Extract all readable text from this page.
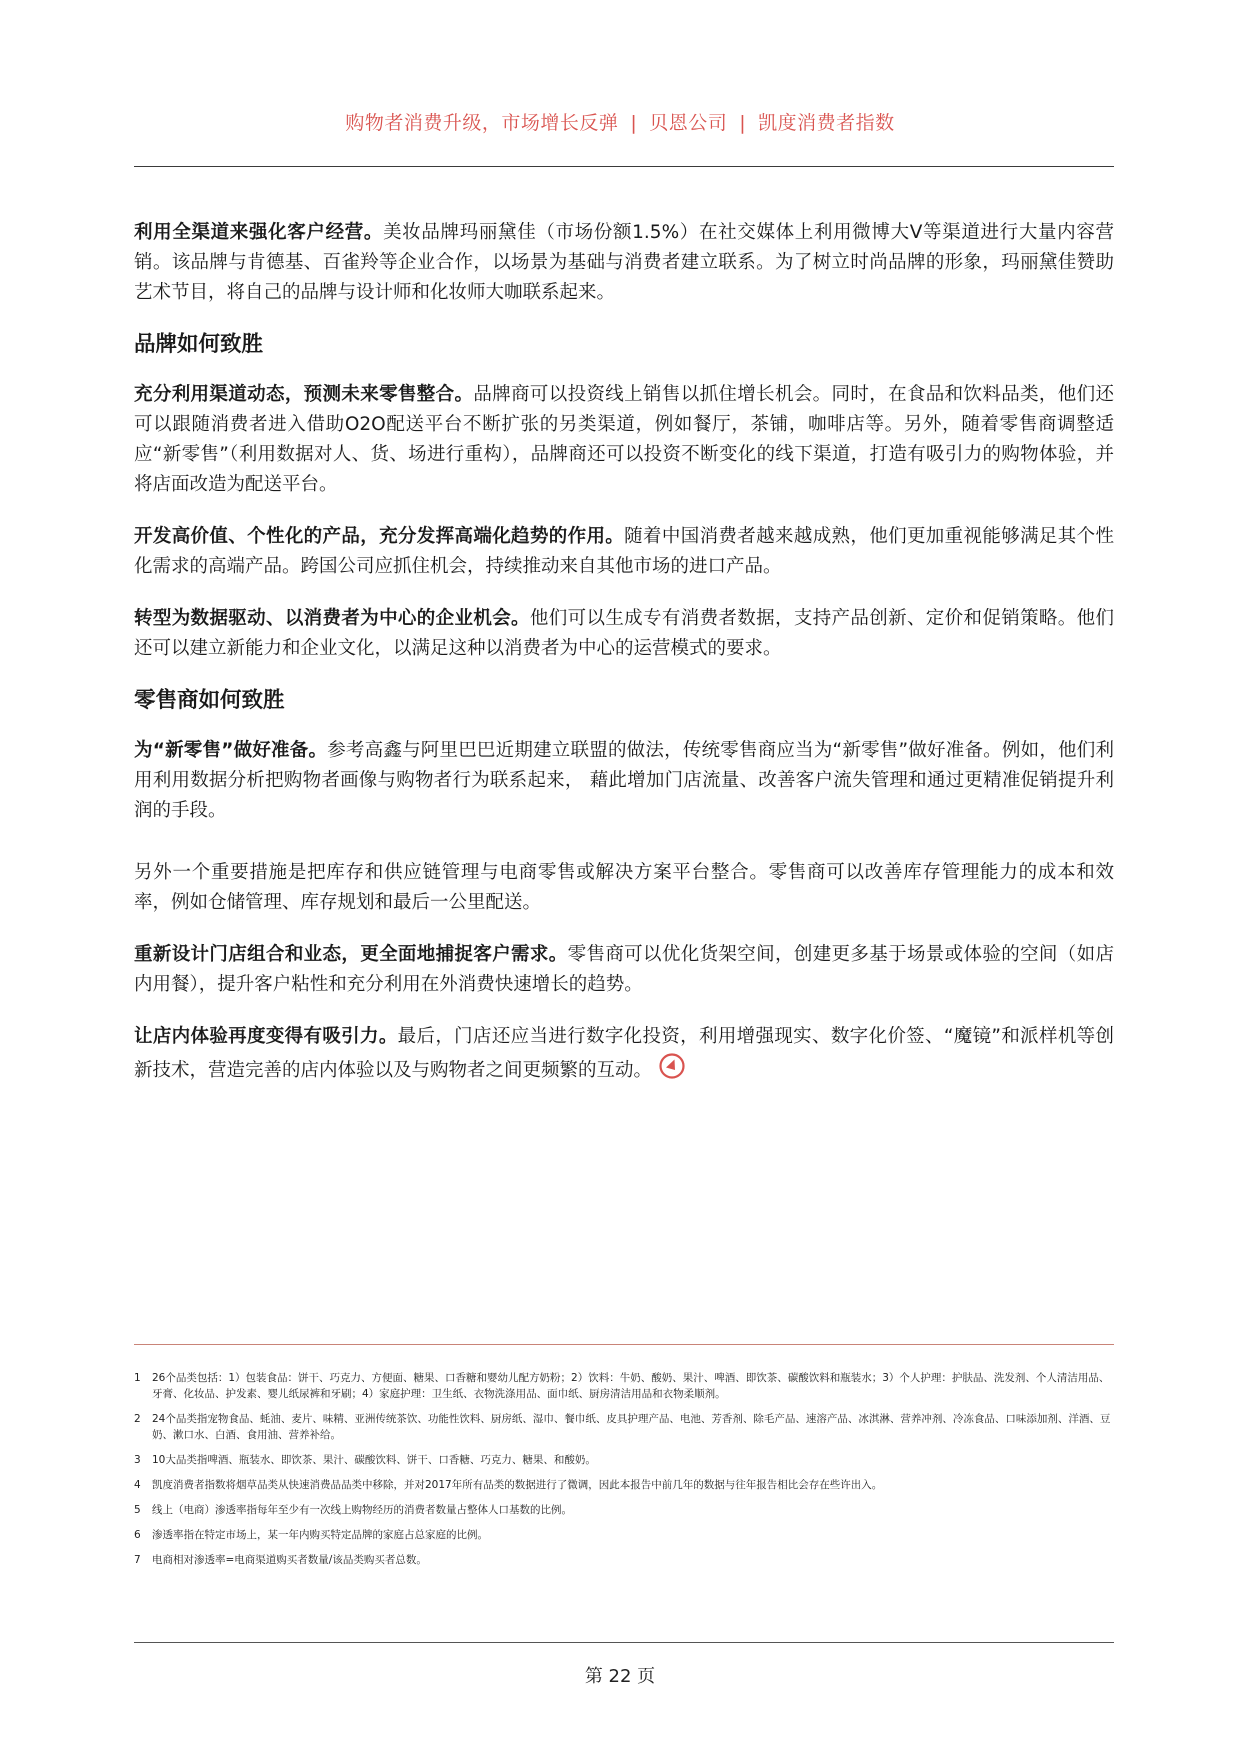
购物者消费升级，市场增长反弹 | 贝恩公司 | 凯度消费者指数

利用全渠道来强化客户经营。美妆品牌玛丽黛佳（市场份额1.5%）在社交媒体上利用微博大V等渠道进行大量内容营销。该品牌与肯德基、百雀羚等企业合作，以场景为基础与消费者建立联系。为了树立时尚品牌的形象，玛丽黛佳赞助艺术节目，将自己的品牌与设计师和化妆师大咖联系起来。

品牌如何致胜

充分利用渠道动态，预测未来零售整合。品牌商可以投资线上销售以抓住增长机会。同时，在食品和饮料品类，他们还可以跟随消费者进入借助O2O配送平台不断扩张的另类渠道，例如餐厅，茶铺，咖啡店等。另外，随着零售商调整适应“新零售”（利用数据对人、货、场进行重构），品牌商还可以投资不断变化的线下渠道，打造有吸引力的购物体验，并将店面改造为配送平台。

开发高价值、个性化的产品，充分发挥高端化趋势的作用。随着中国消费者越来越成熟，他们更加重视能够满足其个性化需求的高端产品。跨国公司应抓住机会，持续推动来自其他市场的进口产品。

转型为数据驱动、以消费者为中心的企业机会。他们可以生成专有消费者数据，支持产品创新、定价和促销策略。他们还可以建立新能力和企业文化，以满足这种以消费者为中心的运营模式的要求。

零售商如何致胜

为“新零售”做好准备。参考高鑫与阿里巴巴近期建立联盟的做法，传统零售商应当为“新零售”做好准备。例如，他们利用利用数据分析把购物者画像与购物者行为联系起来， 藉此增加门店流量、改善客户流失管理和通过更精准促销提升利润的手段。

另外一个重要措施是把库存和供应链管理与电商零售或解决方案平台整合。零售商可以改善库存管理能力的成本和效率，例如仓储管理、库存规划和最后一公里配送。

重新设计门店组合和业态，更全面地捕捉客户需求。零售商可以优化货架空间，创建更多基于场景或体验的空间（如店内用餐），提升客户粘性和充分利用在外消费快速增长的趋势。

让店内体验再度变得有吸引力。最后，门店还应当进行数字化投资，利用增强现实、数字化价签、“魔镜”和派样机等创新技术，营造完善的店内体验以及与购物者之间更频繁的互动。

1	26个品类包括：1）包装食品：饼干、巧克力、方便面、糖果、口香糖和婴幼儿配方奶粉；2）饮料：牛奶、酸奶、果汁、啤酒、即饮茶、碳酸饮料和瓶装水；3）个人护理：护肤品、洗发剂、个人清洁用品、牙膏、化妆品、护发素、婴儿纸尿裤和牙刷；4）家庭护理：卫生纸、衣物洗涤用品、面巾纸、厨房清洁用品和衣物柔顺剂。
2	24个品类指宠物食品、蚝油、麦片、味精、亚洲传统茶饮、功能性饮料、厨房纸、湿巾、餐巾纸、皮具护理产品、电池、芳香剂、除毛产品、速溶产品、冰淇淋、营养冲剂、冷冻食品、口味添加剂、洋酒、豆奶、漱口水、白酒、食用油、营养补给。
3	10大品类指啤酒、瓶装水、即饮茶、果汁、碳酸饮料、饼干、口香糖、巧克力、糖果、和酸奶。
4	凯度消费者指数将烟草品类从快速消费品品类中移除，并对2017年所有品类的数据进行了微调，因此本报告中前几年的数据与往年报告相比会存在些许出入。
5	线上（电商）渗透率指每年至少有一次线上购物经历的消费者数量占整体人口基数的比例。
6	渗透率指在特定市场上，某一年内购买特定品牌的家庭占总家庭的比例。
7	电商相对渗透率=电商渠道购买者数量/该品类购买者总数。
第 22 页
